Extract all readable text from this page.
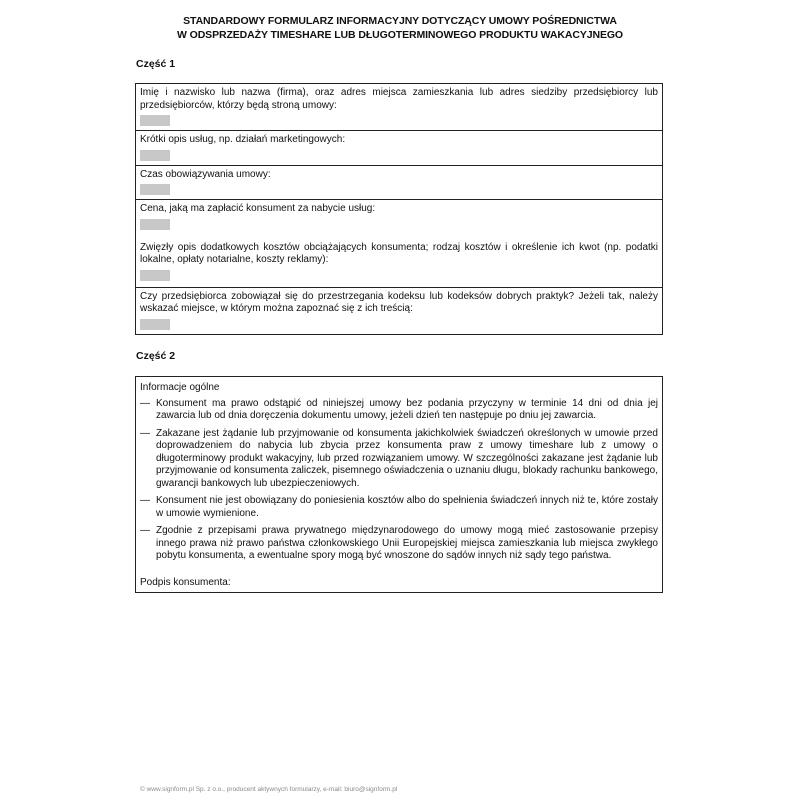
STANDARDOWY FORMULARZ INFORMACYJNY DOTYCZĄCY UMOWY POŚREDNICTWA
W ODSPRZEDAŻY TIMESHARE LUB DŁUGOTERMINOWEGO PRODUKTU WAKACYJNEGO
Część 1
Imię i nazwisko lub nazwa (firma), oraz adres miejsca zamieszkania lub adres siedziby przedsiębiorcy lub przedsiębiorców, którzy będą stroną umowy:
Krótki opis usług, np. działań marketingowych:
Czas obowiązywania umowy:
Cena, jaką ma zapłacić konsument za nabycie usług:
Zwięzły opis dodatkowych kosztów obciążających konsumenta; rodzaj kosztów i określenie ich kwot (np. podatki lokalne, opłaty notarialne, koszty reklamy):
Czy przedsiębiorca zobowiązał się do przestrzegania kodeksu lub kodeksów dobrych praktyk? Jeżeli tak, należy wskazać miejsce, w którym można zapoznać się z ich treścią:
Część 2
Informacje ogólne
— Konsument ma prawo odstąpić od niniejszej umowy bez podania przyczyny w terminie 14 dni od dnia jej zawarcia lub od dnia doręczenia dokumentu umowy, jeżeli dzień ten następuje po dniu jej zawarcia.
— Zakazane jest żądanie lub przyjmowanie od konsumenta jakichkolwiek świadczeń określonych w umowie przed doprowadzeniem do nabycia lub zbycia przez konsumenta praw z umowy timeshare lub z umowy o długoterminowy produkt wakacyjny, lub przed rozwiązaniem umowy. W szczególności zakazane jest żądanie lub przyjmowanie od konsumenta zaliczek, pisemnego oświadczenia o uznaniu długu, blokady rachunku bankowego, gwarancji bankowych lub ubezpieczeniowych.
— Konsument nie jest obowiązany do poniesienia kosztów albo do spełnienia świadczeń innych niż te, które zostały w umowie wymienione.
— Zgodnie z przepisami prawa prywatnego międzynarodowego do umowy mogą mieć zastosowanie przepisy innego prawa niż prawo państwa członkowskiego Unii Europejskiej miejsca zamieszkania lub miejsca zwykłego pobytu konsumenta, a ewentualne spory mogą być wnoszone do sądów innych niż sądy tego państwa.
Podpis konsumenta:
© www.signform.pl Sp. z o.o., producent aktywnych formularzy, e-mail: biuro@signform.pl
